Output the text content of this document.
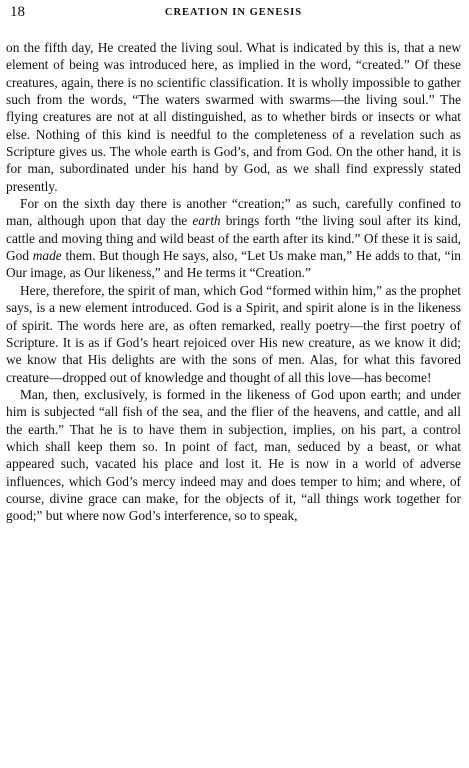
18	CREATION IN GENESIS

on the fifth day, He created the living soul. What is indicated by this is, that a new element of being was introduced here, as implied in the word, “created.” Of these creatures, again, there is no scientific classification. It is wholly impossible to gather such from the words, “The waters swarmed with swarms—the living soul.” The flying creatures are not at all distinguished, as to whether birds or insects or what else. Nothing of this kind is needful to the completeness of a revelation such as Scripture gives us. The whole earth is God’s, and from God. On the other hand, it is for man, subordinated under his hand by God, as we shall find expressly stated presently.

For on the sixth day there is another “creation;” as such, carefully confined to man, although upon that day the earth brings forth “the living soul after its kind, cattle and moving thing and wild beast of the earth after its kind.” Of these it is said, God made them. But though He says, also, “Let Us make man,” He adds to that, “in Our image, as Our likeness,” and He terms it “Creation.”

Here, therefore, the spirit of man, which God “formed within him,” as the prophet says, is a new element introduced. God is a Spirit, and spirit alone is in the likeness of spirit. The words here are, as often remarked, really poetry—the first poetry of Scripture. It is as if God’s heart rejoiced over His new creature, as we know it did; we know that His delights are with the sons of men. Alas, for what this favored creature—dropped out of knowledge and thought of all this love—has become!

Man, then, exclusively, is formed in the likeness of God upon earth; and under him is subjected “all fish of the sea, and the flier of the heavens, and cattle, and all the earth.” That he is to have them in subjection, implies, on his part, a control which shall keep them so. In point of fact, man, seduced by a beast, or what appeared such, vacated his place and lost it. He is now in a world of adverse influences, which God’s mercy indeed may and does temper to him; and where, of course, divine grace can make, for the objects of it, “all things work together for good;” but where now God’s interference, so to speak,
